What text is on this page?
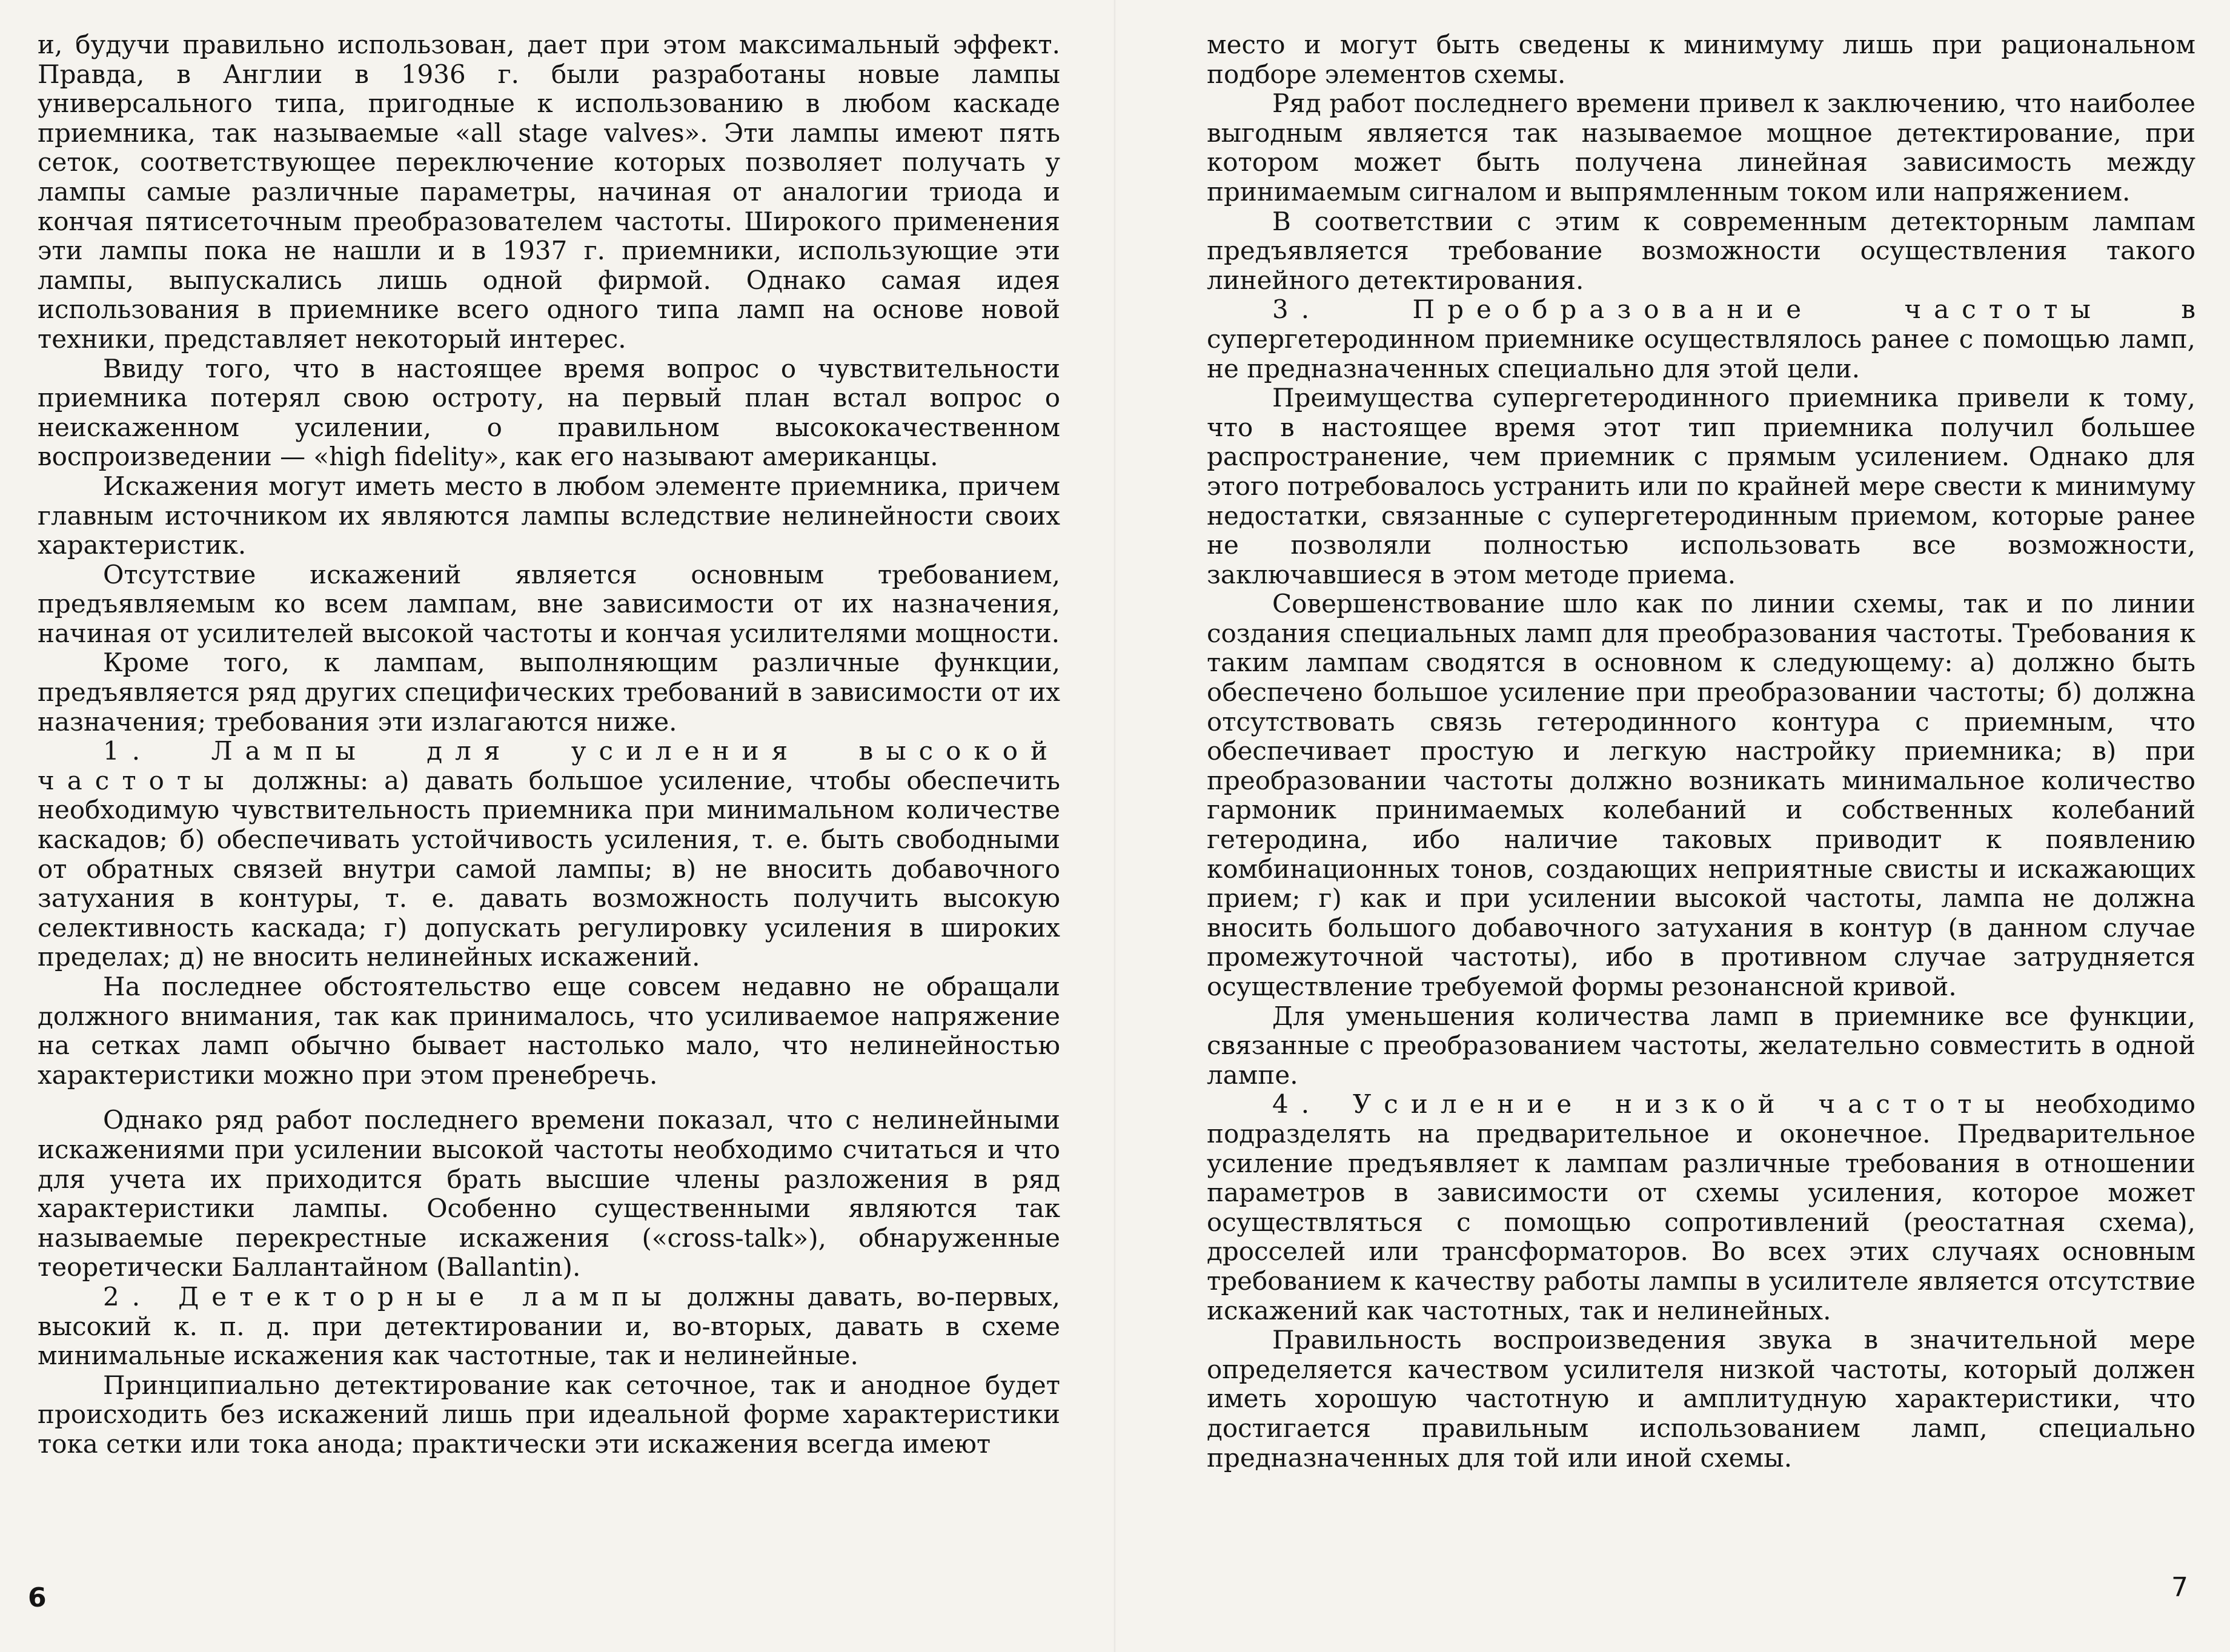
и, будучи правильно использован, дает при этом максимальный эффект. Правда, в Англии в 1936 г. были разработаны новые лампы универсального типа, пригодные к использованию в любом каскаде приемника, так называемые «all stage valves». Эти лампы имеют пять сеток, соответствующее переключение которых позволяет получать у лампы самые различные параметры, начиная от аналогии триода и кончая пятисеточным преобразователем частоты. Широкого применения эти лампы пока не нашли и в 1937 г. приемники, использующие эти лампы, выпускались лишь одной фирмой. Однако самая идея использования в приемнике всего одного типа ламп на основе новой техники, представляет некоторый интерес.

Ввиду того, что в настоящее время вопрос о чувствительности приемника потерял свою остроту, на первый план встал вопрос о неискаженном усилении, о правильном высококачественном воспроизведении — «high fidelity», как его называют американцы.

Искажения могут иметь место в любом элементе приемника, причем главным источником их являются лампы вследствие нелинейности своих характеристик.

Отсутствие искажений является основным требованием, предъявляемым ко всем лампам, вне зависимости от их назначения, начиная от усилителей высокой частоты и кончая усилителями мощности.

Кроме того, к лампам, выполняющим различные функции, предъявляется ряд других специфических требований в зависимости от их назначения; требования эти излагаются ниже.

1. Лампы для усиления высокой частоты должны: а) давать большое усиление, чтобы обеспечить необходимую чувствительность приемника при минимальном количестве каскадов; б) обеспечивать устойчивость усиления, т. е. быть свободными от обратных связей внутри самой лампы; в) не вносить добавочного затухания в контуры, т. е. давать возможность получить высокую селективность каскада; г) допускать регулировку усиления в широких пределах; д) не вносить нелинейных искажений.

На последнее обстоятельство еще совсем недавно не обращали должного внимания, так как принималось, что усиливаемое напряжение на сетках ламп обычно бывает настолько мало, что нелинейностью характеристики можно при этом пренебречь.

Однако ряд работ последнего времени показал, что с нелинейными искажениями при усилении высокой частоты необходимо считаться и что для учета их приходится брать высшие члены разложения в ряд характеристики лампы. Особенно существенными являются так называемые перекрестные искажения («cross-talk»), обнаруженные теоретически Баллантайном (Ballantin).

2. Детекторные лампы должны давать, во-первых, высокий к. п. д. при детектировании и, во-вторых, давать в схеме минимальные искажения как частотные, так и нелинейные.

Принципиально детектирование как сеточное, так и анодное будет происходить без искажений лишь при идеальной форме характеристики тока сетки или тока анода; практически эти искажения всегда имеют

6

место и могут быть сведены к минимуму лишь при рациональном подборе элементов схемы.

Ряд работ последнего времени привел к заключению, что наиболее выгодным является так называемое мощное детектирование, при котором может быть получена линейная зависимость между принимаемым сигналом и выпрямленным током или напряжением.

В соответствии с этим к современным детекторным лампам предъявляется требование возможности осуществления такого линейного детектирования.

3. Преобразование частоты в супергетеродинном приемнике осуществлялось ранее с помощью ламп, не предназначенных специально для этой цели.

Преимущества супергетеродинного приемника привели к тому, что в настоящее время этот тип приемника получил большее распространение, чем приемник с прямым усилением. Однако для этого потребовалось устранить или по крайней мере свести к минимуму недостатки, связанные с супергетеродинным приемом, которые ранее не позволяли полностью использовать все возможности, заключавшиеся в этом методе приема.

Совершенствование шло как по линии схемы, так и по линии создания специальных ламп для преобразования частоты. Требования к таким лампам сводятся в основном к следующему: а) должно быть обеспечено большое усиление при преобразовании частоты; б) должна отсутствовать связь гетеродинного контура с приемным, что обеспечивает простую и легкую настройку приемника; в) при преобразовании частоты должно возникать минимальное количество гармоник принимаемых колебаний и собственных колебаний гетеродина, ибо наличие таковых приводит к появлению комбинационных тонов, создающих неприятные свисты и искажающих прием; г) как и при усилении высокой частоты, лампа не должна вносить большого добавочного затухания в контур (в данном случае промежуточной частоты), ибо в противном случае затрудняется осуществление требуемой формы резонансной кривой.

Для уменьшения количества ламп в приемнике все функции, связанные с преобразованием частоты, желательно совместить в одной лампе.

4. Усиление низкой частоты необходимо подразделять на предварительное и оконечное. Предварительное усиление предъявляет к лампам различные требования в отношении параметров в зависимости от схемы усиления, которое может осуществляться с помощью сопротивлений (реостатная схема), дросселей или трансформаторов. Во всех этих случаях основным требованием к качеству работы лампы в усилителе является отсутствие искажений как частотных, так и нелинейных.

Правильность воспроизведения звука в значительной мере определяется качеством усилителя низкой частоты, который должен иметь хорошую частотную и амплитудную характеристики, что достигается правильным использованием ламп, специально предназначенных для той или иной схемы.

7
